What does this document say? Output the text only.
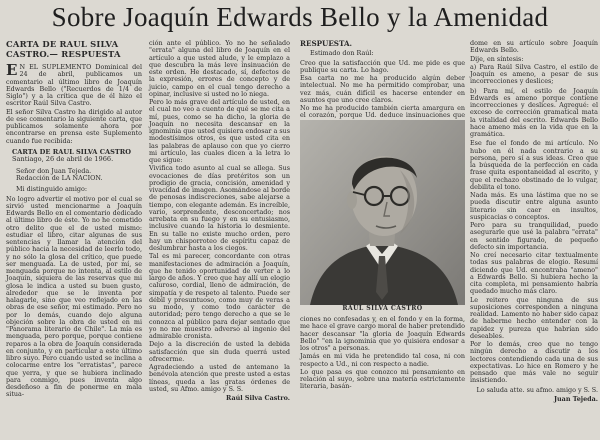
Sobre Joaquín Edwards Bello y la Amenidad
CARTA DE RAUL SILVA CASTRO.— RESPUESTA

E N EL SUPLEMENTO Dominical del 24 de abril, publicamos un comentario al último libro de Joaquín Edwards Bello ("Recuerdos de 1/4 de Siglo") y a la crítica que de él hizo el escritor Raúl Silva Castro.

El señor Silva Castro ha dirigido al autor de ese comentario la siguiente carta, que publicamos solamente ahora por encontrarse en prensa este Suplemento cuando fue recibida:

CARTA DE RAUL SILVA CASTRO
Santiago, 26 de abril de 1966.
Señor don Juan Tejeda.
Redacción de LA NACION.
Mi distinguido amigo:

No logro advertir el motivo por el cual se sirvió usted mencionarme a Joaquín Edwards Bello en el comentario dedicado al último libro de éste. Yo no he cometido otro delito que el de usted mismo: estudiar el libro, citar algunas de sus sentencias y llamar la atención del público hacia la necesidad de leerlo todo, y no sólo la glosa del crítico, que puede ser menguada. La de usted, por mí, se menguada porque no intenta, al estilo de Joaquín, siquiera de las reservas que mi glosa le indica a usted su buen gusto, alrededor que se le inventa por halagarle, sino que veo reflejado en las obras de ese señor, mi estimado. Pero no por lo demás, cuando dejo alguna objeción sobre la obra de usted en mi "Panorama literario de Chile". La mía es menguada, pero porque, porque contiene reparos a la obra de Joaquín considerada en conjunto, y en particular a este último libro suyo. Pero cuando usted se inclina a colocarme entre los "erratistas", parece que yerra, y que se hubiera inclinado para conmigo, pues inventa algo desdeñoso a fin de ponerme en mala situa-

ción ante el público. Yo no he señalado "errata" alguna del libro de Joaquín en el artículo a que usted alude, y le emplazo a que descubra la más leve insinuación de este orden. He destacado, sí, defectos de la expresión, errores de concepto y de juicio, campo en el cual tengo derecho a opinar, inclusive si usted no lo niega.

Pero lo más grave del artículo de usted, en el cual no veo a cuento de qué se me cita a mí, pues, como se ha dicho, la gloria de Joaquín no necesita descansar en la ignominia que usted quisiera endosar a sus modestísimos otros, es que usted cita en las palabras de aplauso con que yo cierro mi artículo, las cuales dicen a la letra lo que sigue:

Vivifica todo asunto al cual se allega. Sus evocaciones de días pretéritos son un prodigio de gracia, concisión, amenidad y vivacidad de imagen. Asomándose al borde de penosas indiscreciones, sabe alejarse a tiempo, con elegante ademán. Es increíble, vario, sorprendente, desconcertado; nos arrebata en su fuego y en su entusiasmo, inclusive cuando la historia lo desmiente. En su talle no existe mucho orden, pero hay un chisporroteo de espíritu capaz de deslumbrar hasta a los ciegos.

Tal es mi parecer, concordante con otras manifestaciones de admiración a Joaquín, que he tenido oportunidad de verter a lo largo de años. Y creo que hay allí un elogio caluroso, cordial, lleno de admiración, de simpatía y de respeto al talento. Puede ser débil y presuntuoso, como muy de veras a su modo, y como todo carácter de autoridad; pero tengo derecho a que se le conozca al público para dejar sentado que yo no me muestro adverso al ingenio del admirable cronista.

Dejo a la discreción de usted la debida satisfacción que sin duda querrá usted ofrecerme.

Agradeciendo a usted de antemano la benévola atención que preste usted a estas líneas, queda a las gratas órdenes de usted, su Afmo. amigo y S. S.

Raúl Silva Castro.
RESPUESTA.
Estimado don Raúl:

Creo que la satisfacción que Ud. me pide es que publique su carta. Lo hago.

Esa carta no me ha producido algún deber intelectual. No me ha permitido comprobar, una vez más, cuán difícil es hacerse entender en asuntos que uno cree claros.

No me ha producido también cierta amargura en el corazón, porque Ud. deduce insinuaciones que

RAUL SILVA CASTRO

ciones no confesadas y, en el fondo y en la forma, me hace el grave cargo moral de haber pretendido hacer descansar "la gloria de Joaquín Edwards Bello" "en la ignominia que yo quisiera endosar a los otros" a personas.

Jamás en mi vida he pretendido tal cosa, ni con respecto a Ud., ni con respecto a nadie.

Lo que pasa es que conozco mi pensamiento en relación al suyo, sobre una materia estrictamente literaria, basán-

dome en su artículo sobre Joaquín Edwards Bello.

Dije, en síntesis:

a) Para Raúl Silva Castro, el estilo de Joaquín es ameno, a pesar de sus incorrecciones y deslices;

b) Para mí, el estilo de Joaquín Edwards es ameno porque contiene incorrecciones y deslices. Agregué: el exceso de corrección gramatical mata la vitalidad del escrito. Edwards Bello hace ameno más en la vida que en la gramática.

Ese fue el fondo de mi artículo. No hubo en él nada contrario a su persona, pero sí a sus ideas. Creo que la búsqueda de la perfección en cada frase quita espontaneidad al escrito, y que el rechazo obstinado de lo vulgar, debilita el tono.

Nada más. Es una lástima que no se pueda discutir entre alguna asunto literario sin caer en insultos, suspicacias o conceptos.

Pero para su tranquilidad, puedo asegurarle que usé la palabra "errata" en sentido figurado, de pequeño defecto sin importancia.

No creí necesario citar textualmente todas sus palabras de elogio. Resumí diciendo que Ud. encontraba "ameno" a Edwards Bello. Si hubiera hecho la cita completa, mi pensamiento habría quedado mucho más claro.

Le reitero que ninguna de sus suposiciones corresponden a ninguna realidad. Lamento no haber sido capaz de haberme hecho entender con la rapidez y pureza que habrían sido deseables.

Por lo demás, creo que no tengo ningún derecho a discutir a los lectores contendiendo cada una de sus expectativas. Lo hice en Romero y he pensado que más vale no seguir insistiendo.

Lo saluda atte. su afmo. amigo y S. S.
Juan Tejeda.
